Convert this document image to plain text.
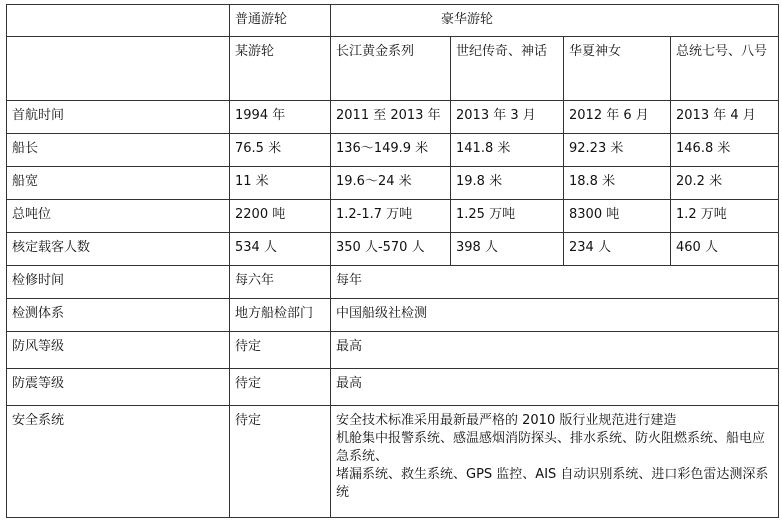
	普通游轮	豪华游轮			
	某游轮	长江黄金系列	世纪传奇、神话	华夏神女	总统七号、八号
首航时间	1994 年	2011 至 2013 年	2013 年 3 月	2012 年 6 月	2013 年 4 月
船长	76.5 米	136～149.9 米	141.8 米	92.23 米	146.8 米
船宽	11 米	19.6～24 米	19.8 米	18.8 米	20.2 米
总吨位	2200 吨	1.2-1.7 万吨	1.25 万吨	8300 吨	1.2 万吨
核定载客人数	534 人	350 人-570 人	398 人	234 人	460 人
检修时间	每六年	每年			
检测体系	地方船检部门	中国船级社检测			
防风等级	待定	最高			
防震等级	待定	最高			
安全系统	待定	安全技术标准采用最新最严格的 2010 版行业规范进行建造
机舱集中报警系统、感温感烟消防探头、排水系统、防火阻燃系统、船电应急系统、
堵漏系统、救生系统、GPS 监控、AIS 自动识别系统、进口彩色雷达测深系统			
